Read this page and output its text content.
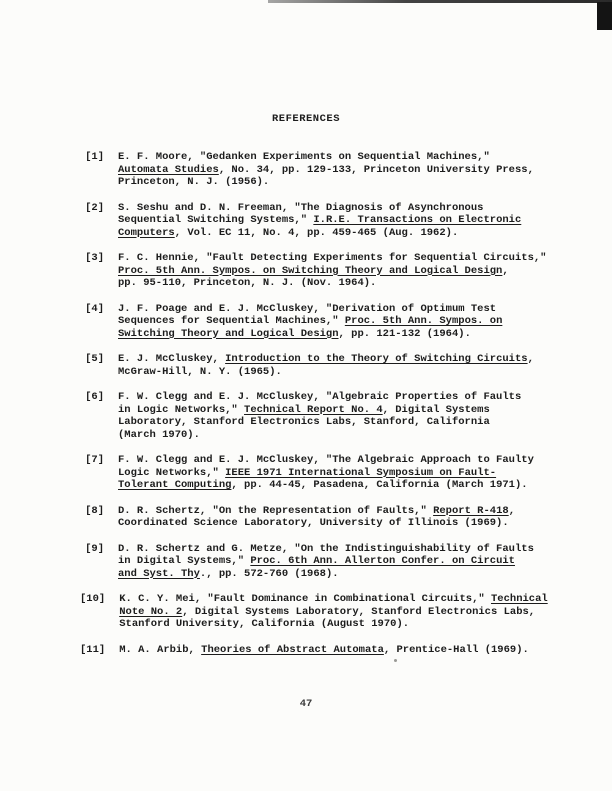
REFERENCES
[1] E. F. Moore, "Gedanken Experiments on Sequential Machines,"
Automata Studies, No. 34, pp. 129-133, Princeton University Press,
Princeton, N. J. (1956).
[2] S. Seshu and D. N. Freeman, "The Diagnosis of Asynchronous
Sequential Switching Systems," I.R.E. Transactions on Electronic
Computers, Vol. EC 11, No. 4, pp. 459-465 (Aug. 1962).
[3] F. C. Hennie, "Fault Detecting Experiments for Sequential Circuits,"
Proc. 5th Ann. Sympos. on Switching Theory and Logical Design,
pp. 95-110, Princeton, N. J. (Nov. 1964).
[4] J. F. Poage and E. J. McCluskey, "Derivation of Optimum Test
Sequences for Sequential Machines," Proc. 5th Ann. Sympos. on
Switching Theory and Logical Design, pp. 121-132 (1964).
[5] E. J. McCluskey, Introduction to the Theory of Switching Circuits,
McGraw-Hill, N. Y. (1965).
[6] F. W. Clegg and E. J. McCluskey, "Algebraic Properties of Faults
in Logic Networks," Technical Report No. 4, Digital Systems
Laboratory, Stanford Electronics Labs, Stanford, California
(March 1970).
[7] F. W. Clegg and E. J. McCluskey, "The Algebraic Approach to Faulty
Logic Networks," IEEE 1971 International Symposium on Fault-
Tolerant Computing, pp. 44-45, Pasadena, California (March 1971).
[8] D. R. Schertz, "On the Representation of Faults," Report R-418,
Coordinated Science Laboratory, University of Illinois (1969).
[9] D. R. Schertz and G. Metze, "On the Indistinguishability of Faults
in Digital Systems," Proc. 6th Ann. Allerton Confer. on Circuit
and Syst. Thy., pp. 572-760 (1968).
[10] K. C. Y. Mei, "Fault Dominance in Combinational Circuits," Technical
Note No. 2, Digital Systems Laboratory, Stanford Electronics Labs,
Stanford University, California (August 1970).
[11] M. A. Arbib, Theories of Abstract Automata, Prentice-Hall (1969).
47
